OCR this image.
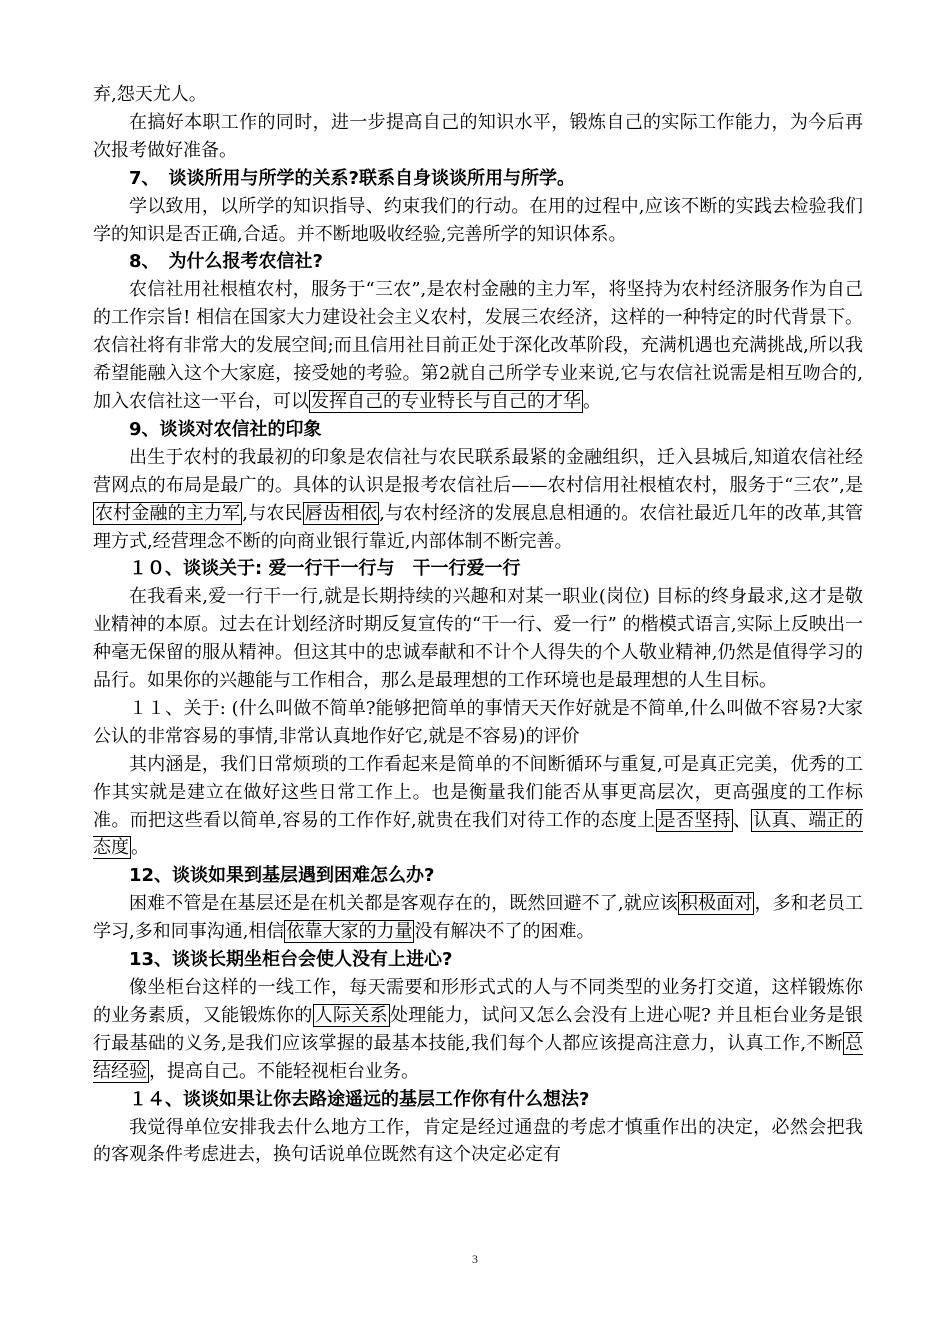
弃,怨天尤人。

在搞好本职工作的同时，进一步提高自己的知识水平，锻炼自己的实际工作能力，为今后再次报考做好准备。

7、　谈谈所用与所学的关系?联系自身谈谈所用与所学。

学以致用，以所学的知识指导、约束我们的行动。在用的过程中,应该不断的实践去检验我们学的知识是否正确,合适。并不断地吸收经验,完善所学的知识体系。

8、　为什么报考农信社?

农信社用社根植农村，服务于“三农”,是农村金融的主力军，将坚持为农村经济服务作为自己的工作宗旨! 相信在国家大力建设社会主义农村，发展三农经济，这样的一种特定的时代背景下。农信社将有非常大的发展空间;而且信用社目前正处于深化改革阶段，充满机遇也充满挑战,所以我希望能融入这个大家庭，接受她的考验。第2就自己所学专业来说,它与农信社说需是相互吻合的,加入农信社这一平台，可以 发挥自己的专业特长与自己的才华 。

9、谈谈对农信社的印象

出生于农村的我最初的印象是农信社与农民联系最紧的金融组织，迁入县城后,知道农信社经营网点的布局是最广的。具体的认识是报考农信社后——农村信用社根植农村，服务于“三农”,是农村金融的主力军 ,与农民 唇齿相依 ,与农村经济的发展息息相通的。农信社最近几年的改革,其管理方式,经营理念不断的向商业银行靠近,内部体制不断完善。

１０、谈谈关于: 爱一行干一行与　干一行爱一行

在我看来,爱一行干一行,就是长期持续的兴趣和对某一职业(岗位) 目标的终身最求,这才是敬业精神的本原。过去在计划经济时期反复宣传的“干一行、爱一行” 的楷模式语言,实际上反映出一种毫无保留的服从精神。但这其中的忠诚奉献和不计个人得失的个人敬业精神,仍然是值得学习的品行。如果你的兴趣能与工作相合，那么是最理想的工作环境也是最理想的人生目标。

１１、关于: (什么叫做不简单?能够把简单的事情天天作好就是不简单,什么叫做不容易?大家公认的非常容易的事情,非常认真地作好它,就是不容易)的评价

其内涵是，我们日常烦琐的工作看起来是简单的不间断循环与重复,可是真正完美，优秀的工作其实就是建立在做好这些日常工作上。也是衡量我们能否从事更高层次，更高强度的工作标准。而把这些看以简单,容易的工作作好,就贵在我们对待工作的态度上 是否坚持 、 认真、端正的态度 。

12、谈谈如果到基层遇到困难怎么办?

困难不管是在基层还是在机关都是客观存在的，既然回避不了,就应该 积极面对 ，多和老员工学习,多和同事沟通,相信 依靠大家的力量 没有解决不了的困难。

13、谈谈长期坐柜台会使人没有上进心?

像坐柜台这样的一线工作，每天需要和形形式式的人与不同类型的业务打交道，这样锻炼你的业务素质，又能锻炼你的 人际关系 处理能力，试问又怎么会没有上进心呢? 并且柜台业务是银行最基础的义务,是我们应该掌握的最基本技能,我们每个人都应该提高注意力，认真工作,不断 总结经验 ，提高自己。不能轻视柜台业务。

１４、谈谈如果让你去路途遥远的基层工作你有什么想法?

我觉得单位安排我去什么地方工作，肯定是经过通盘的考虑才慎重作出的决定，必然会把我的客观条件考虑进去，换句话说单位既然有这个决定必定有

3
